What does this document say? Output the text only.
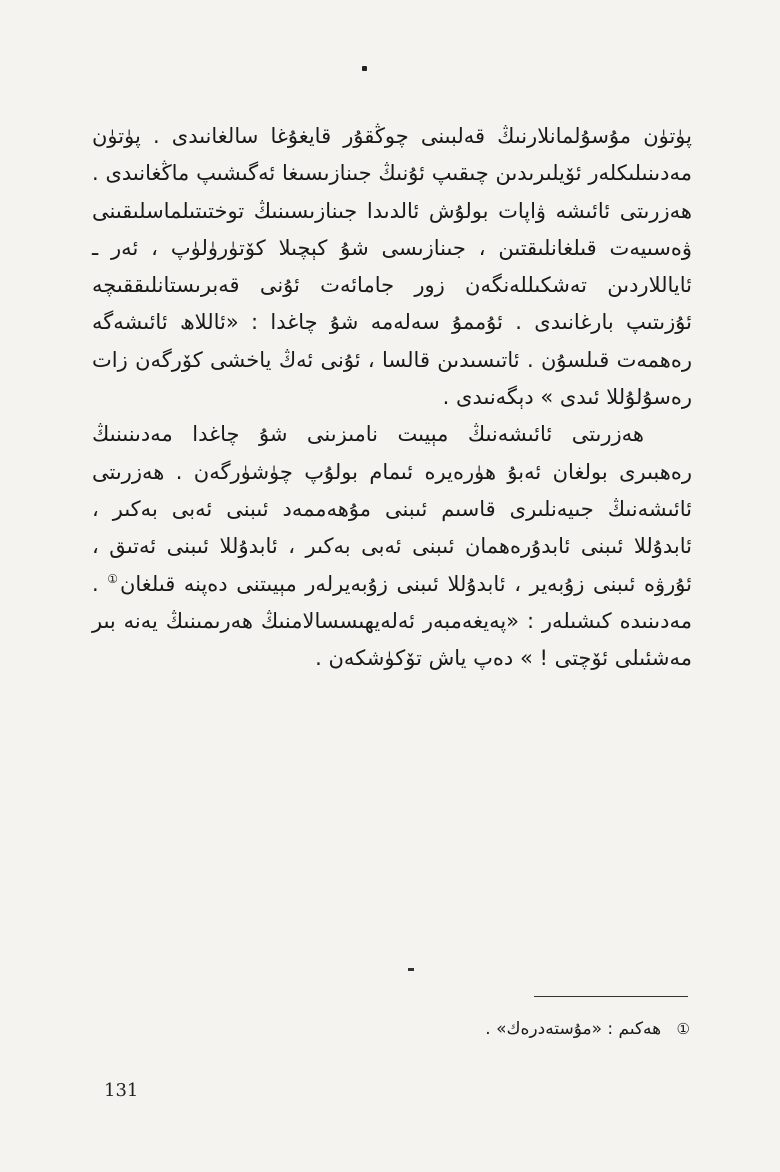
پۈتۈن مۇسۇلمانلارنىڭ قەلبىنى چوڭقۇر قايغۇغا سالغانىدى . پۈتۈن مەدىنىلىكلەر ئۆيلىرىدىن چىقىپ ئۇنىڭ جىنازىسىغا ئەگىشىپ ماڭغانىدى . ھەزرىتى ئائىشە ۋاپات بولۇش ئالدىدا جىنازىسىنىڭ توختىتىلماسلىقىنى ۋەسىيەت قىلغانلىقتىن ، جىنازىسى شۇ كېچىلا كۆتۈرۈلۈپ ، ئەر ـ ئاياللاردىن تەشكىللەنگەن زور جامائەت ئۇنى قەبرىستانلىققىچە ئۇزىتىپ بارغانىدى . ئۇممۇ سەلەمە شۇ چاغدا : «ئاللاھ ئائىشەگە رەھمەت قىلسۇن . ئاتىسىدىن قالسا ، ئۇنى ئەڭ ياخشى كۆرگەن زات رەسۇلۇللا ئىدى » دېگەنىدى .

ھەزرىتى ئائىشەنىڭ مېيىت نامىزىنى شۇ چاغدا مەدىنىنىڭ رەھبىرى بولغان ئەبۇ ھۈرەيرە ئىمام بولۇپ چۈشۈرگەن . ھەزرىتى ئائىشەنىڭ جىيەنلىرى قاسىم ئىبنى مۇھەممەد ئىبنى ئەبى بەكىر ، ئابدۇللا ئىبنى ئابدۇرەھمان ئىبنى ئەبى بەكىر ، ئابدۇللا ئىبنى ئەتىق ، ئۇرۋە ئىبنى زۇبەير ، ئابدۇللا ئىبنى زۇبەيرلەر مېيىتنى دەپنە قىلغان① . مەدىنىدە كىشىلەر : «پەيغەمبەر ئەلەيھىسسالامنىڭ ھەرىمىنىڭ يەنە بىر مەشئىلى ئۆچتى ! » دەپ ياش تۆكۈشكەن .

① ھەكىم : «مۇستەدرەك» .
131
